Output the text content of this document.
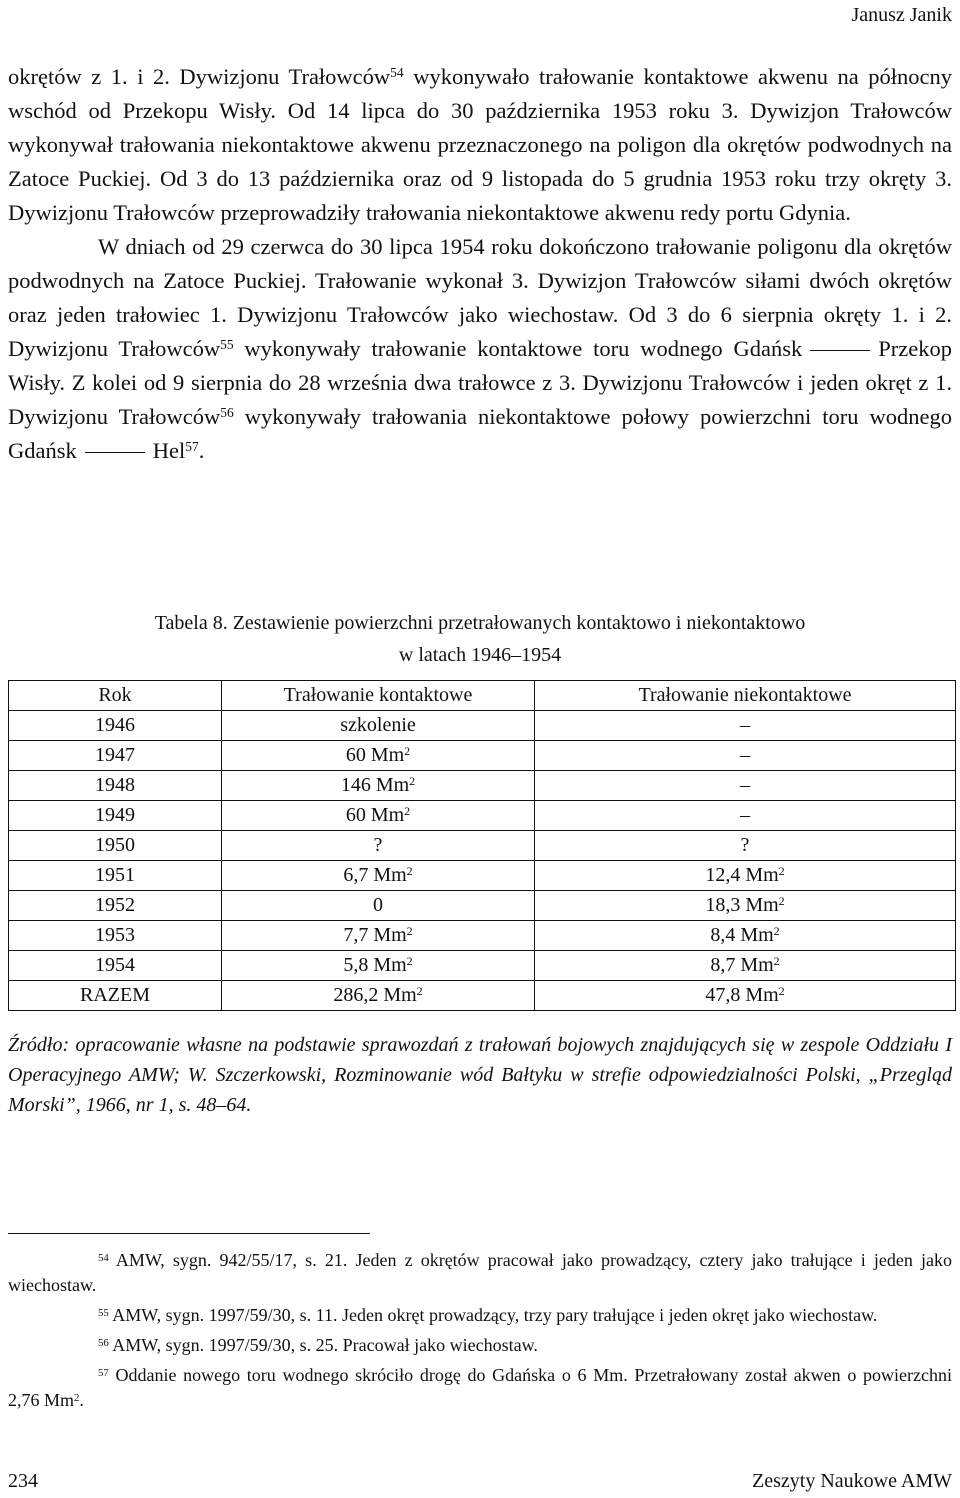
Janusz Janik

okrętów z 1. i 2. Dywizjonu Trałowców$^{54}$ wykonywało trałowanie kontaktowe akwenu na północny wschód od Przekopu Wisły. Od 14 lipca do 30 października 1953 roku 3. Dywizjon Trałowców wykonywał trałowania niekontaktowe akwenu przeznaczonego na poligon dla okrętów podwodnych na Zatoce Puckiej. Od 3 do 13 października oraz od 9 listopada do 5 grudnia 1953 roku trzy okręty 3. Dywizjonu Trałowców przeprowadziły trałowania niekontaktowe akwenu redy portu Gdynia.

W dniach od 29 czerwca do 30 lipca 1954 roku dokończono trałowanie poligonu dla okrętów podwodnych na Zatoce Puckiej. Trałowanie wykonał 3. Dywizjon Trałowców siłami dwóch okrętów oraz jeden trałowiec 1. Dywizjonu Trałowców jako wiechostaw. Od 3 do 6 sierpnia okręty 1. i 2. Dywizjonu Trałowców$^{55}$ wykonywały trałowanie kontaktowe toru wodnego Gdańsk	Przekop Wisły. Z kolei od 9 sierpnia do 28 września dwa trałowce z 3. Dywizjonu Trałowców i jeden okręt z 1. Dywizjonu Trałowców$^{56}$ wykonywały trałowania niekontaktowe połowy powierzchni toru wodnego Gdańsk	Hel$^{57}$.

Tabela 8. Zestawienie powierzchni przetrałowanych kontaktowo i niekontaktowo
w latach 1946–1954
Rok	Trałowanie kontaktowe	Trałowanie niekontaktowe
1946	szkolenie	–
1947	60 Mm$^2$	–
1948	146 Mm$^2$	–
1949	60 Mm$^2$	–
1950	?	?
1951	6,7 Mm$^2$	12,4 Mm$^2$
1952	0	18,3 Mm$^2$
1953	7,7 Mm$^2$	8,4 Mm$^2$
1954	5,8 Mm$^2$	8,7 Mm$^2$
RAZEM	286,2 Mm$^2$	47,8 Mm$^2$

Źródło: opracowanie własne na podstawie sprawozdań z trałowań bojowych znajdujących się w zespole Oddziału I Operacyjnego AMW; W. Szczerkowski, Rozminowanie wód Bałtyku w strefie odpowiedzialności Polski, „Przegląd Morski”, 1966, nr 1, s. 48–64.

$^{54}$ AMW, sygn. 942/55/17, s. 21. Jeden z okrętów pracował jako prowadzący, cztery jako trałujące i jeden jako wiechostaw.

$^{55}$ AMW, sygn. 1997/59/30, s. 11. Jeden okręt prowadzący, trzy pary trałujące i jeden okręt jako wiechostaw.

$^{56}$ AMW, sygn. 1997/59/30, s. 25. Pracował jako wiechostaw.

$^{57}$ Oddanie nowego toru wodnego skróciło drogę do Gdańska o 6 Mm. Przetrałowany został akwen o powierzchni 2,76 Mm$^2$.

234	Zeszyty Naukowe AMW
